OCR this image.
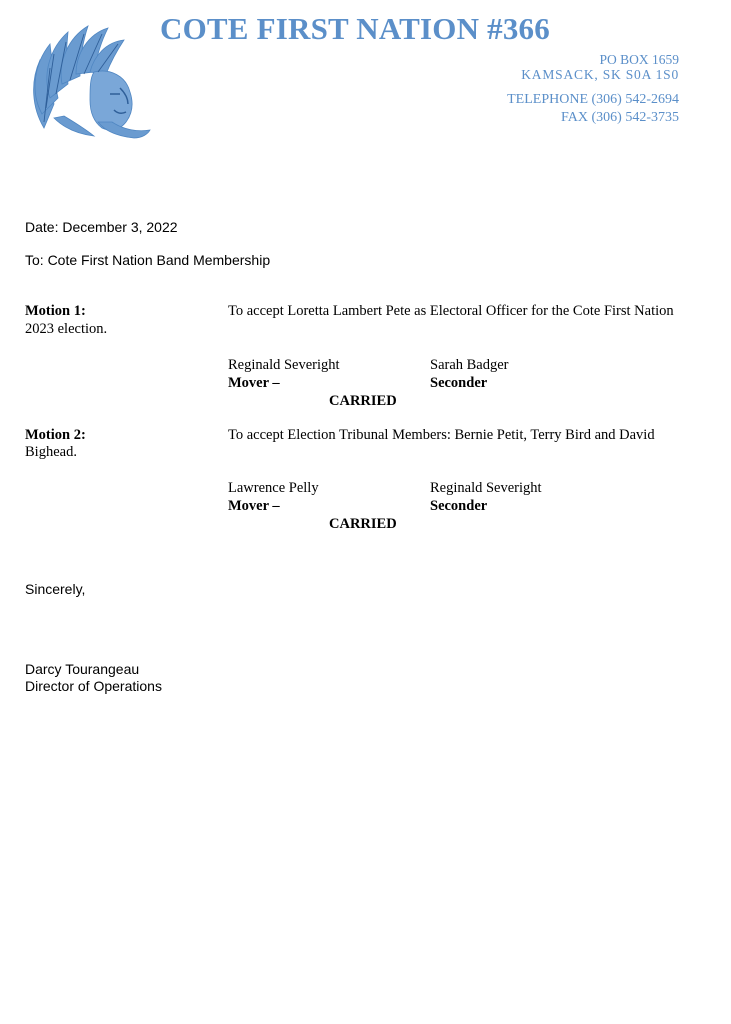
COTE FIRST NATION #366
PO BOX 1659
KAMSACK, SK S0A 1S0
TELEPHONE (306) 542-2694
FAX (306) 542-3735
Date: December 3, 2022
To: Cote First Nation Band Membership
Motion 1:	To accept Loretta Lambert Pete as Electoral Officer for the Cote First Nation
2023 election.
Reginald Severight	Sarah Badger
Mover –	Seconder
CARRIED
Motion 2:	To accept Election Tribunal Members: Bernie Petit, Terry Bird and David
Bighead.
Lawrence Pelly	Reginald Severight
Mover –	Seconder
CARRIED
Sincerely,
Darcy Tourangeau
Director of Operations
